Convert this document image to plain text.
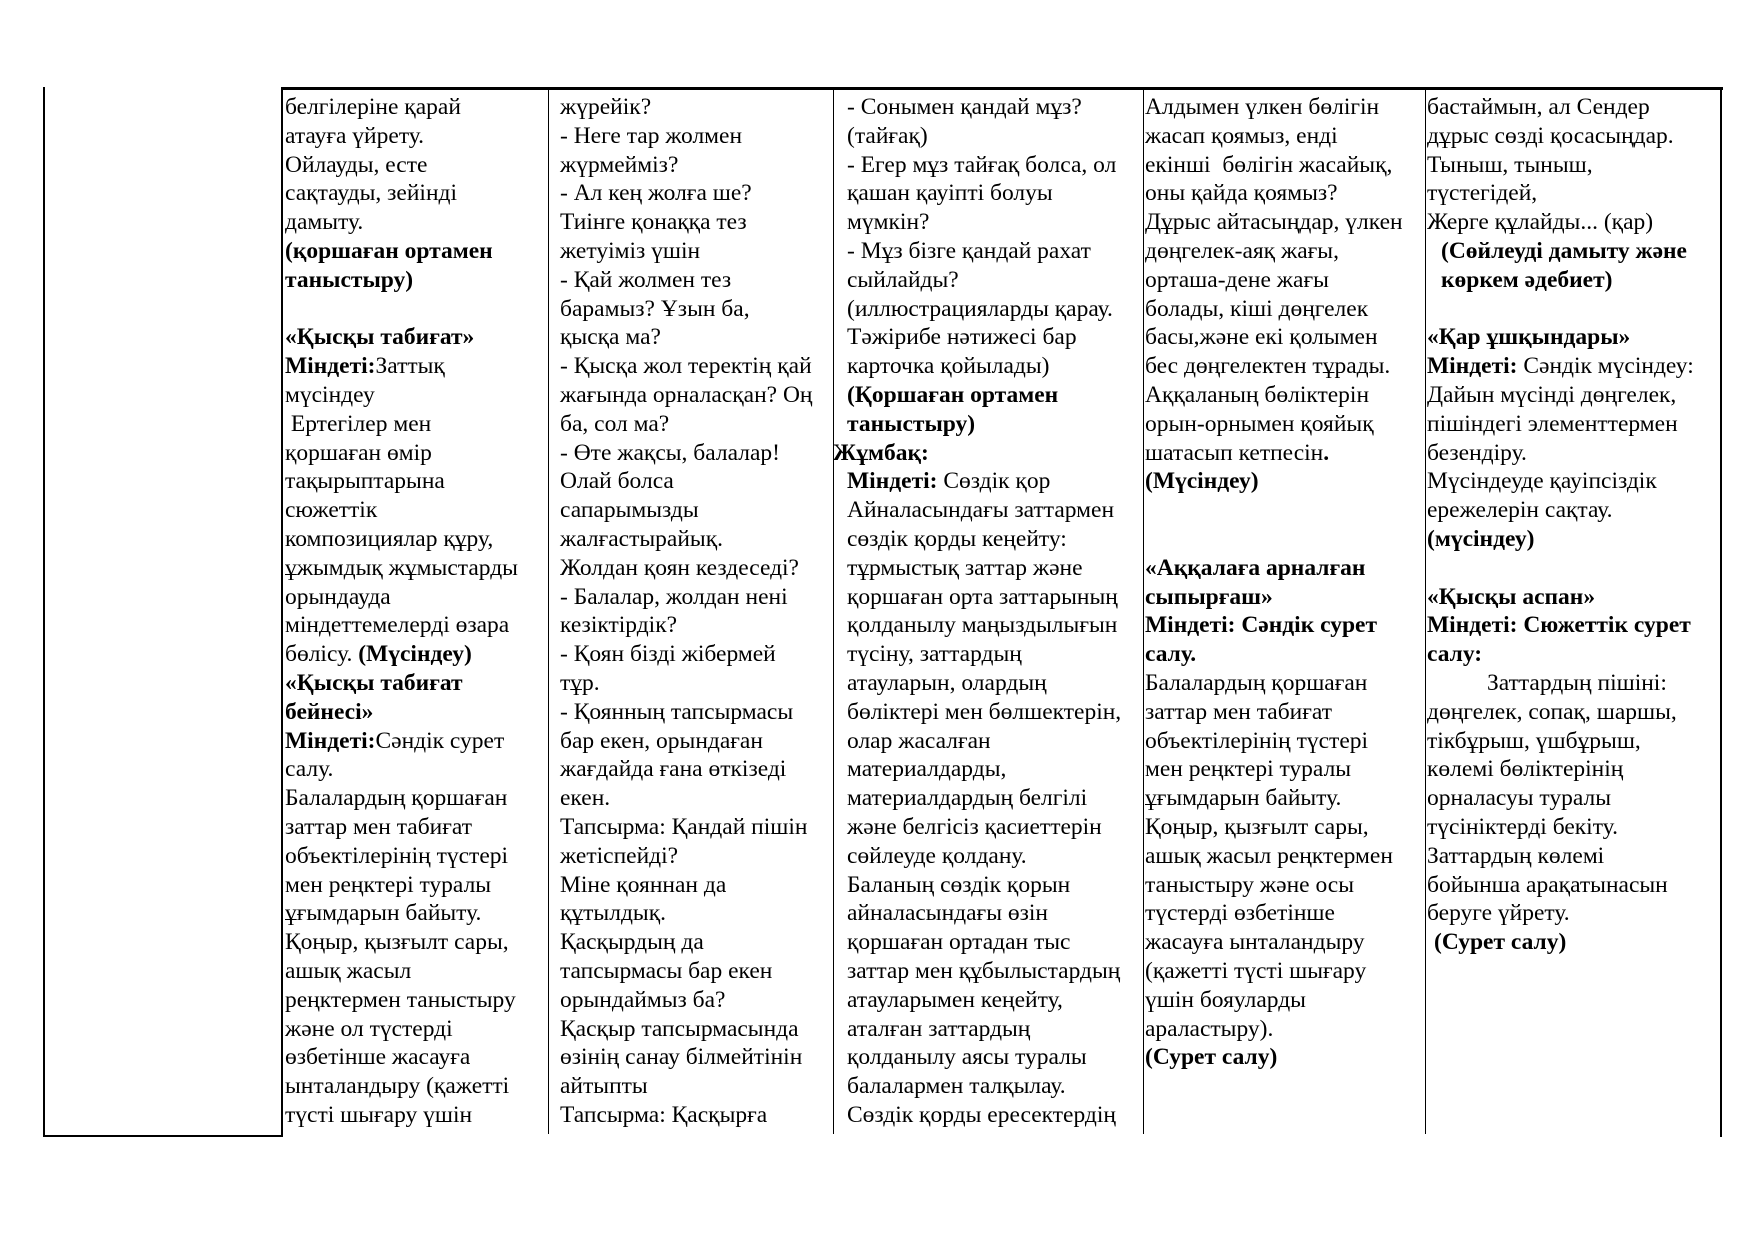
белгілеріне қарай
атауға үйрету.
Ойлауды, есте
сақтауды, зейінді
дамыту.
(қоршаған ортамен
таныстыру)
«Қысқы табиғат»
Міндеті:Заттық
мүсіндеу
Ертегілер мен
қоршаған өмір
тақырыптарына
сюжеттік
композициялар құру,
ұжымдық жұмыстарды
орындауда
міндеттемелерді өзара
бөлісу. (Мүсіндеу)
«Қысқы табиғат
бейнесі»
Міндеті:Сәндік сурет
салу.
Балалардың қоршаған
заттар мен табиғат
объектілерінің түстері
мен реңктері туралы
ұғымдарын байыту.
Қоңыр, қызғылт сары,
ашық жасыл
реңктермен таныстыру
және ол түстерді
өзбетінше жасауға
ынталандыру (қажетті
түсті шығару үшін
жүрейік?
- Неге тар жолмен
жүрмейміз?
- Ал кең жолға ше?
Тиінге қонаққа тез
жетуіміз үшін
- Қай жолмен тез
барамыз? Ұзын ба,
қысқа ма?
- Қысқа жол теректің қай
жағында орналасқан? Оң
ба, сол ма?
- Өте жақсы, балалар!
Олай болса
сапарымызды
жалғастырайық.
Жолдан қоян кездеседі?
- Балалар, жолдан нені
кезіктірдік?
- Қоян бізді жібермей
тұр.
- Қоянның тапсырмасы
бар екен, орындаған
жағдайда ғана өткізеді
екен.
Тапсырма: Қандай пішін
жетіспейді?
Міне қояннан да
құтылдық.
Қасқырдың да
тапсырмасы бар екен
орындаймыз ба?
Қасқыр тапсырмасында
өзінің санау білмейтінін
айтыпты
Тапсырма: Қасқырға
- Сонымен қандай мұз?
(тайғақ)
- Егер мұз тайғақ болса, ол
қашан қауіпті болуы
мүмкін?
- Мұз бізге қандай рахат
сыйлайды?
(иллюстрацияларды қарау.
Тәжірибе нәтижесі бар
карточка қойылады)
(Қоршаған ортамен
таныстыру)
Жұмбақ:
Міндеті: Сөздік қор
Айналасындағы заттармен
сөздік қорды кеңейту:
тұрмыстық заттар және
қоршаған орта заттарының
қолданылу маңыздылығын
түсіну, заттардың
атауларын, олардың
бөліктері мен бөлшектерін,
олар жасалған
материалдарды,
материалдардың белгілі
және белгісіз қасиеттерін
сөйлеуде қолдану.
Баланың сөздік қорын
айналасындағы өзін
қоршаған ортадан тыс
заттар мен құбылыстардың
атауларымен кеңейту,
аталған заттардың
қолданылу аясы туралы
балалармен талқылау.
Сөздік қорды ересектердің
Алдымен үлкен бөлігін
жасап қоямыз, енді
екінші  бөлігін жасайық,
оны қайда қоямыз?
Дұрыс айтасыңдар, үлкен
дөңгелек-аяқ жағы,
орташа-дене жағы
болады, кіші дөңгелек
басы,және екі қолымен
бес дөңгелектен тұрады.
Аққаланың бөліктерін
орын-орнымен қояйық
шатасып кетпесін.
(Мүсіндеу)
«Аққалаға арналған
сыпырғаш»
Міндеті: Сәндік сурет
салу.
Балалардың қоршаған
заттар мен табиғат
объектілерінің түстері
мен реңктері туралы
ұғымдарын байыту.
Қоңыр, қызғылт сары,
ашық жасыл реңктермен
таныстыру және осы
түстерді өзбетінше
жасауға ынталандыру
(қажетті түсті шығару
үшін бояуларды
араластыру).
(Сурет салу)
бастаймын, ал Сендер
дұрыс сөзді қосасыңдар.
Тыныш, тыныш,
түстегідей,
Жерге құлайды... (қар)
(Сөйлеуді дамыту және
көркем әдебиет)
«Қар ұшқындары»
Міндеті: Сәндік мүсіндеу:
Дайын мүсінді дөңгелек,
пішіндегі элементтермен
безендіру.
Мүсіндеуде қауіпсіздік
ережелерін сақтау.
(мүсіндеу)
«Қысқы аспан»
Міндеті: Сюжеттік сурет
салу:
Заттардың пішіні:
дөңгелек, сопақ, шаршы,
тікбұрыш, үшбұрыш,
көлемі бөліктерінің
орналасуы туралы
түсініктерді бекіту.
Заттардың көлемі
бойынша арақатынасын
беруге үйрету.
(Сурет салу)
